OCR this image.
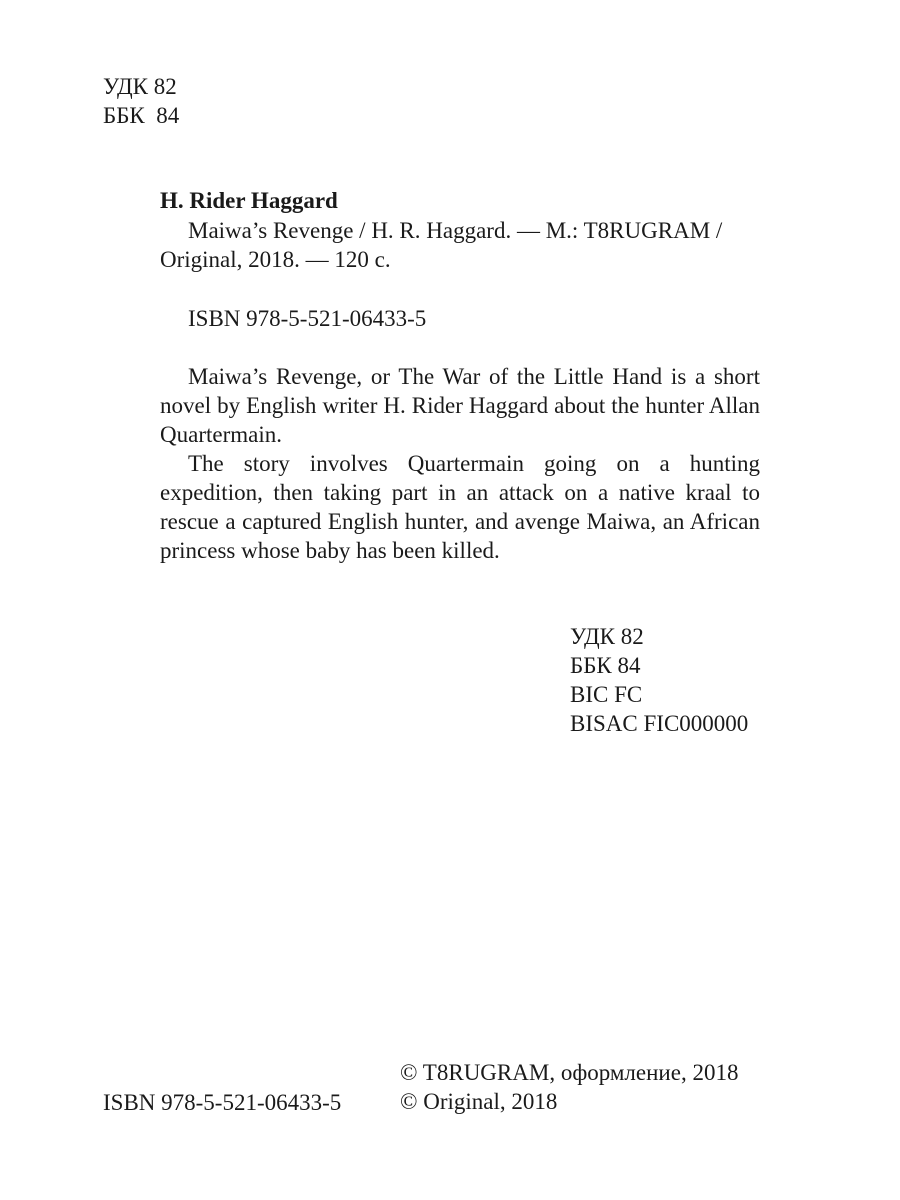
УДК 82
ББК  84
H. Rider Haggard
Maiwa’s Revenge / H. R. Haggard. — M.: T8RUGRAM /
Original, 2018. — 120 c.
ISBN 978-5-521-06433-5

Maiwa’s Revenge, or The War of the Little Hand is a short novel by English writer H. Rider Haggard about the hunter Allan Quartermain.

The story involves Quartermain going on a hunting expedition, then taking part in an attack on a native kraal to rescue a captured English hunter, and avenge Maiwa, an African princess whose baby has been killed.

УДК 82
ББК 84
BIC FC
BISAC FIC000000
ISBN 978-5-521-06433-5
© T8RUGRAM, оформление, 2018
© Original, 2018
